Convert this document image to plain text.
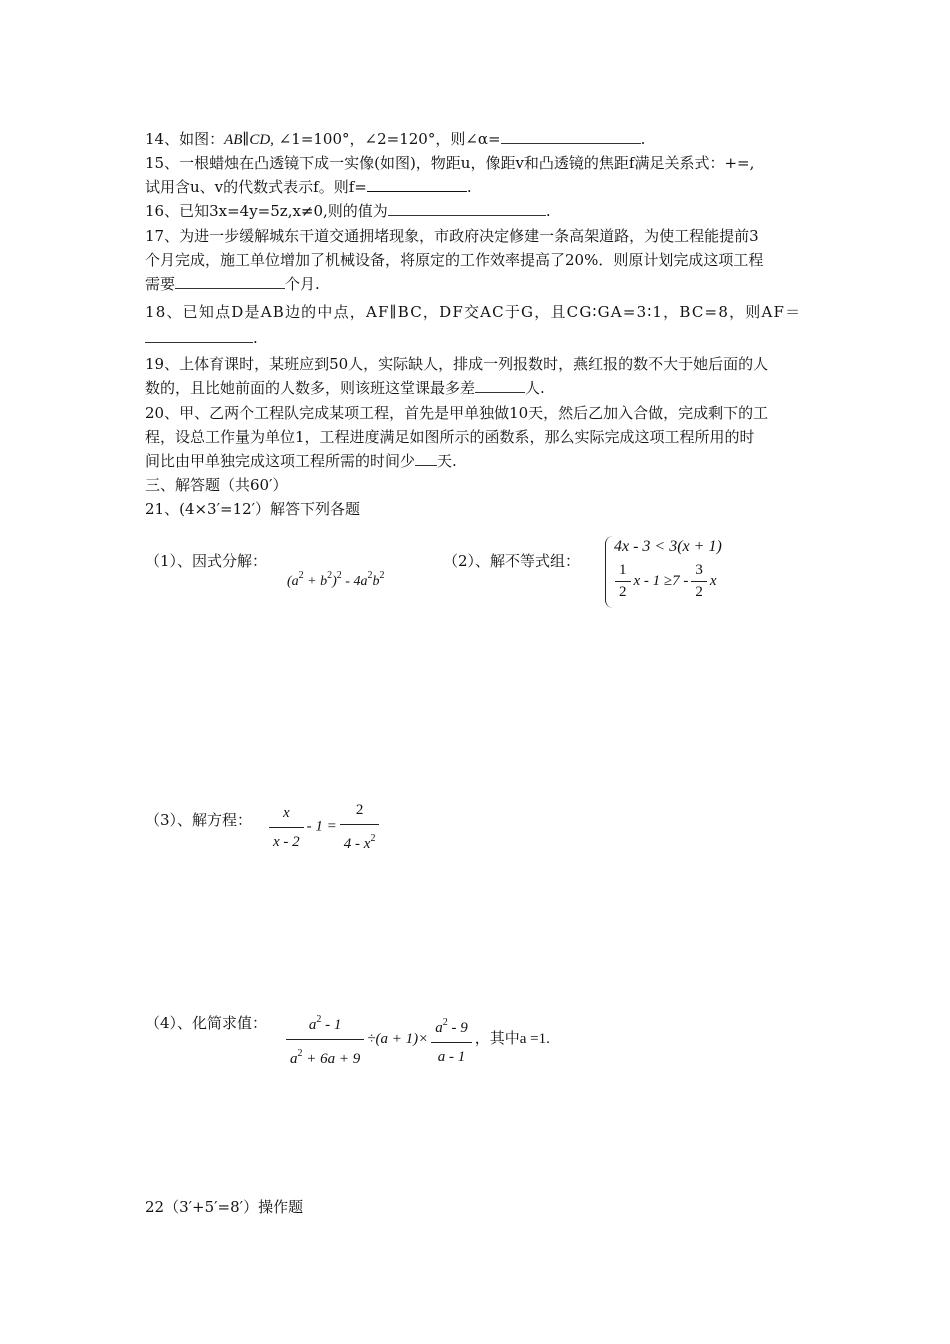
14、如图：AB∥CD, ∠1=100°，∠2=120°，则∠α=	.
15、一根蜡烛在凸透镜下成一实像(如图)，物距u，像距v和凸透镜的焦距f满足关系式：+=,
试用含u、v的代数式表示f。则f=	.
16、已知3x=4y=5z,x≠0,则的值为	.
17、为进一步缓解城东干道交通拥堵现象，市政府决定修建一条高架道路，为使工程能提前3
个月完成，施工单位增加了机械设备，将原定的工作效率提高了20%．则原计划完成这项工程
需要	个月.
18、已知点D是AB边的中点，AF∥BC，DF交AC于G，且CG∶GA=3∶1，BC=8，则AF＝
.
19、上体育课时，某班应到50人，实际缺人，排成一列报数时，燕红报的数不大于她后面的人
数的，且比她前面的人数多，则该班这堂课最多差	人.
20、甲、乙两个工程队完成某项工程，首先是甲单独做10天，然后乙加入合做，完成剩下的工
程，设总工作量为单位1，工程进度满足如图所示的函数系，那么实际完成这项工程所用的时
间比由甲单独完成这项工程所需的时间少 天.
三、解答题（共60′）
21、(4×3′=12′）解答下列各题
（1）、因式分解：
$(a^2 + b^2)^2 - 4a^2b^2$
（2）、解不等式组：
4x - 3 < 3(x + 1)
$\frac{1}{2}$ $x - 1 \ge 7 - \frac{3}{2}$ x
（3）、解方程： $\frac{x}{x - 2} - 1 = \frac{2}{4 - x^2}$
（4）、化简求值： $\frac{a^2 - 1}{a^2 + 6a + 9} \div(a + 1)\times \frac{a^2 - 9}{a - 1}$ ，其中a =1.
22（3′+5′=8′）操作题
